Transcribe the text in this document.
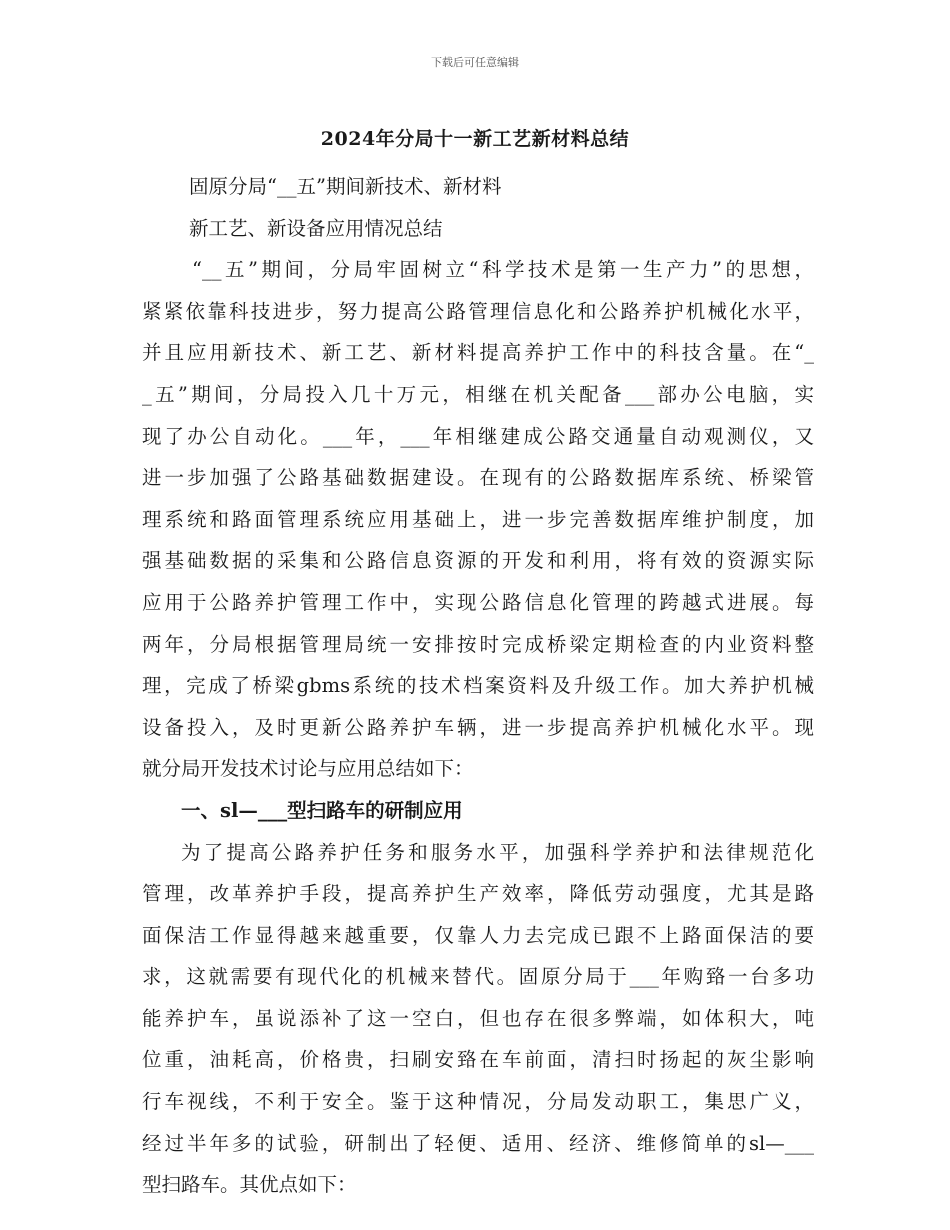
下载后可任意编辑
2024年分局十一新工艺新材料总结
固原分局“__五”期间新技术、新材料
新工艺、新设备应用情况总结
“__五”期间，分局牢固树立“科学技术是第一生产力”的思想，
紧紧依靠科技进步，努力提高公路管理信息化和公路养护机械化水平，
并且应用新技术、新工艺、新材料提高养护工作中的科技含量。在“_
_五”期间，分局投入几十万元，相继在机关配备___部办公电脑，实
现了办公自动化。___年，___年相继建成公路交通量自动观测仪，又
进一步加强了公路基础数据建设。在现有的公路数据库系统、桥梁管
理系统和路面管理系统应用基础上，进一步完善数据库维护制度，加
强基础数据的采集和公路信息资源的开发和利用，将有效的资源实际
应用于公路养护管理工作中，实现公路信息化管理的跨越式进展。每
两年，分局根据管理局统一安排按时完成桥梁定期检查的内业资料整
理，完成了桥梁gbms系统的技术档案资料及升级工作。加大养护机械
设备投入，及时更新公路养护车辆，进一步提高养护机械化水平。现
就分局开发技术讨论与应用总结如下：
一、sl—___型扫路车的研制应用
为了提高公路养护任务和服务水平，加强科学养护和法律规范化
管理，改革养护手段，提高养护生产效率，降低劳动强度，尤其是路
面保洁工作显得越来越重要，仅靠人力去完成已跟不上路面保洁的要
求，这就需要有现代化的机械来替代。固原分局于___年购臵一台多功
能养护车，虽说添补了这一空白，但也存在很多弊端，如体积大，吨
位重，油耗高，价格贵，扫刷安臵在车前面，清扫时扬起的灰尘影响
行车视线，不利于安全。鉴于这种情况，分局发动职工，集思广义，
经过半年多的试验，研制出了轻便、适用、经济、维修简单的sl—___
型扫路车。其优点如下：
